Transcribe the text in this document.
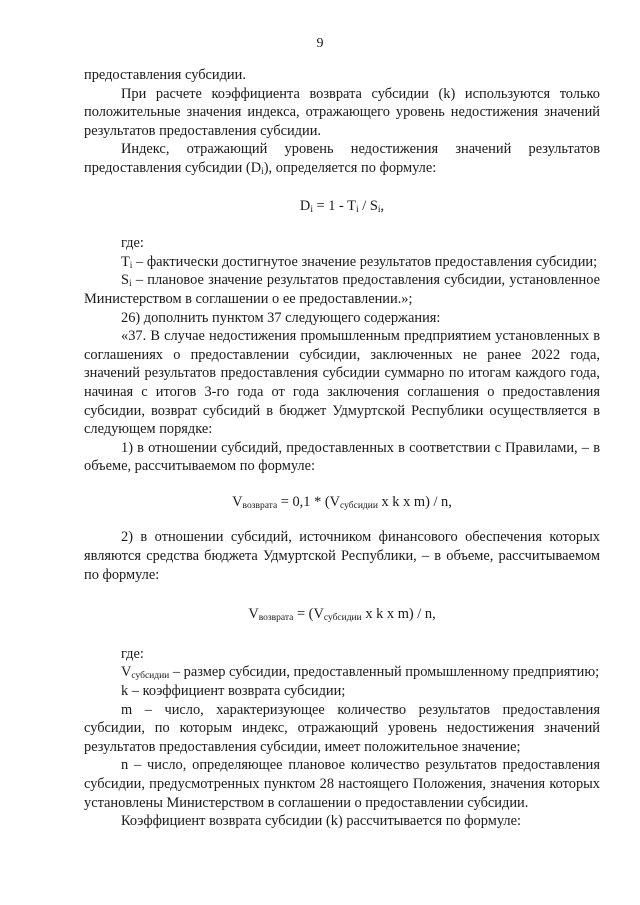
9

предоставления субсидии.

При расчете коэффициента возврата субсидии (k) используются только положительные значения индекса, отражающего уровень недостижения значений результатов предоставления субсидии.

Индекс, отражающий уровень недостижения значений результатов предоставления субсидии $(D_i)$, определяется по формуле:

$D_i = 1 - T_i / S_i$,

где:

$T_i$ – фактически достигнутое значение результатов предоставления субсидии;

$S_i$ – плановое значение результатов предоставления субсидии, установленное Министерством в соглашении о ее предоставлении.»;

26) дополнить пунктом 37 следующего содержания:

«37. В случае недостижения промышленным предприятием установленных в соглашениях о предоставлении субсидии, заключенных не ранее 2022 года, значений результатов предоставления субсидии суммарно по итогам каждого года, начиная с итогов 3-го года от года заключения соглашения о предоставления субсидии, возврат субсидий в бюджет Удмуртской Республики осуществляется в следующем порядке:

1) в отношении субсидий, предоставленных в соответствии с Правилами, – в объеме, рассчитываемом по формуле:

$V_{возврата} = 0,1 * (V_{субсидии}$ x k x m) / n,

2) в отношении субсидий, источником финансового обеспечения которых являются средства бюджета Удмуртской Республики, – в объеме, рассчитываемом по формуле:

$V_{возврата} = (V_{субсидии}$ x k x m) / n,

где:

$V_{субсидии}$ – размер субсидии, предоставленный промышленному предприятию;

k – коэффициент возврата субсидии;

m – число, характеризующее количество результатов предоставления субсидии, по которым индекс, отражающий уровень недостижения значений результатов предоставления субсидии, имеет положительное значение;

n – число, определяющее плановое количество результатов предоставления субсидии, предусмотренных пунктом 28 настоящего Положения, значения которых установлены Министерством в соглашении о предоставлении субсидии.

Коэффициент возврата субсидии (k) рассчитывается по формуле:
